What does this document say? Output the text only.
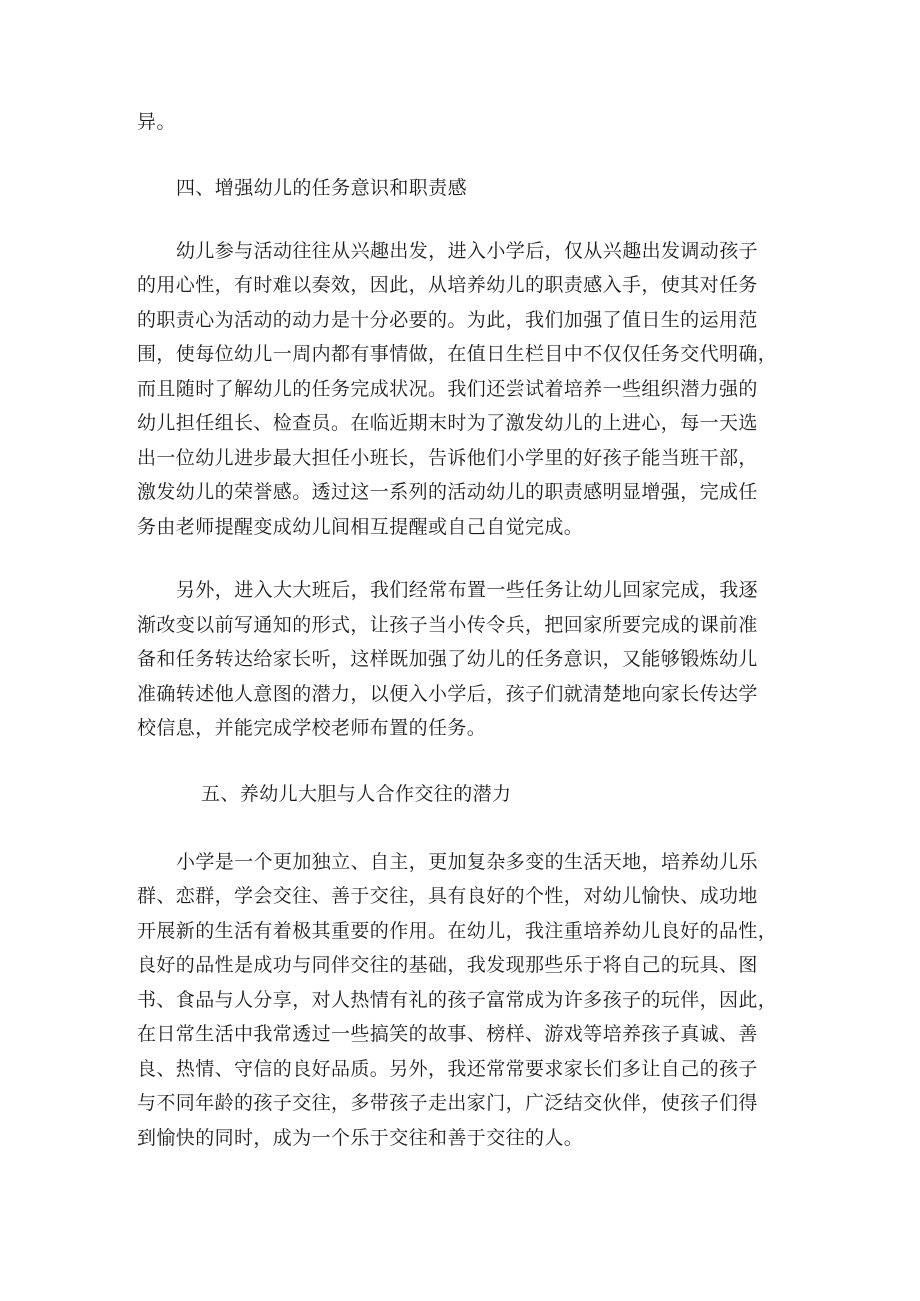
异。
四、增强幼儿的任务意识和职责感
幼儿参与活动往往从兴趣出发，进入小学后，仅从兴趣出发调动孩子
的用心性，有时难以奏效，因此，从培养幼儿的职责感入手，使其对任务
的职责心为活动的动力是十分必要的。为此，我们加强了值日生的运用范
围，使每位幼儿一周内都有事情做，在值日生栏目中不仅仅任务交代明确，
而且随时了解幼儿的任务完成状况。我们还尝试着培养一些组织潜力强的
幼儿担任组长、检查员。在临近期末时为了激发幼儿的上进心，每一天选
出一位幼儿进步最大担任小班长，告诉他们小学里的好孩子能当班干部，
激发幼儿的荣誉感。透过这一系列的活动幼儿的职责感明显增强，完成任
务由老师提醒变成幼儿间相互提醒或自己自觉完成。
另外，进入大大班后，我们经常布置一些任务让幼儿回家完成，我逐
渐改变以前写通知的形式，让孩子当小传令兵，把回家所要完成的课前准
备和任务转达给家长听，这样既加强了幼儿的任务意识，又能够锻炼幼儿
准确转述他人意图的潜力，以便入小学后，孩子们就清楚地向家长传达学
校信息，并能完成学校老师布置的任务。
五、养幼儿大胆与人合作交往的潜力
小学是一个更加独立、自主，更加复杂多变的生活天地，培养幼儿乐
群、恋群，学会交往、善于交往，具有良好的个性，对幼儿愉快、成功地
开展新的生活有着极其重要的作用。在幼儿，我注重培养幼儿良好的品性，
良好的品性是成功与同伴交往的基础，我发现那些乐于将自己的玩具、图
书、食品与人分享，对人热情有礼的孩子富常成为许多孩子的玩伴，因此，
在日常生活中我常透过一些搞笑的故事、榜样、游戏等培养孩子真诚、善
良、热情、守信的良好品质。另外，我还常常要求家长们多让自己的孩子
与不同年龄的孩子交往，多带孩子走出家门，广泛结交伙伴，使孩子们得
到愉快的同时，成为一个乐于交往和善于交往的人。
